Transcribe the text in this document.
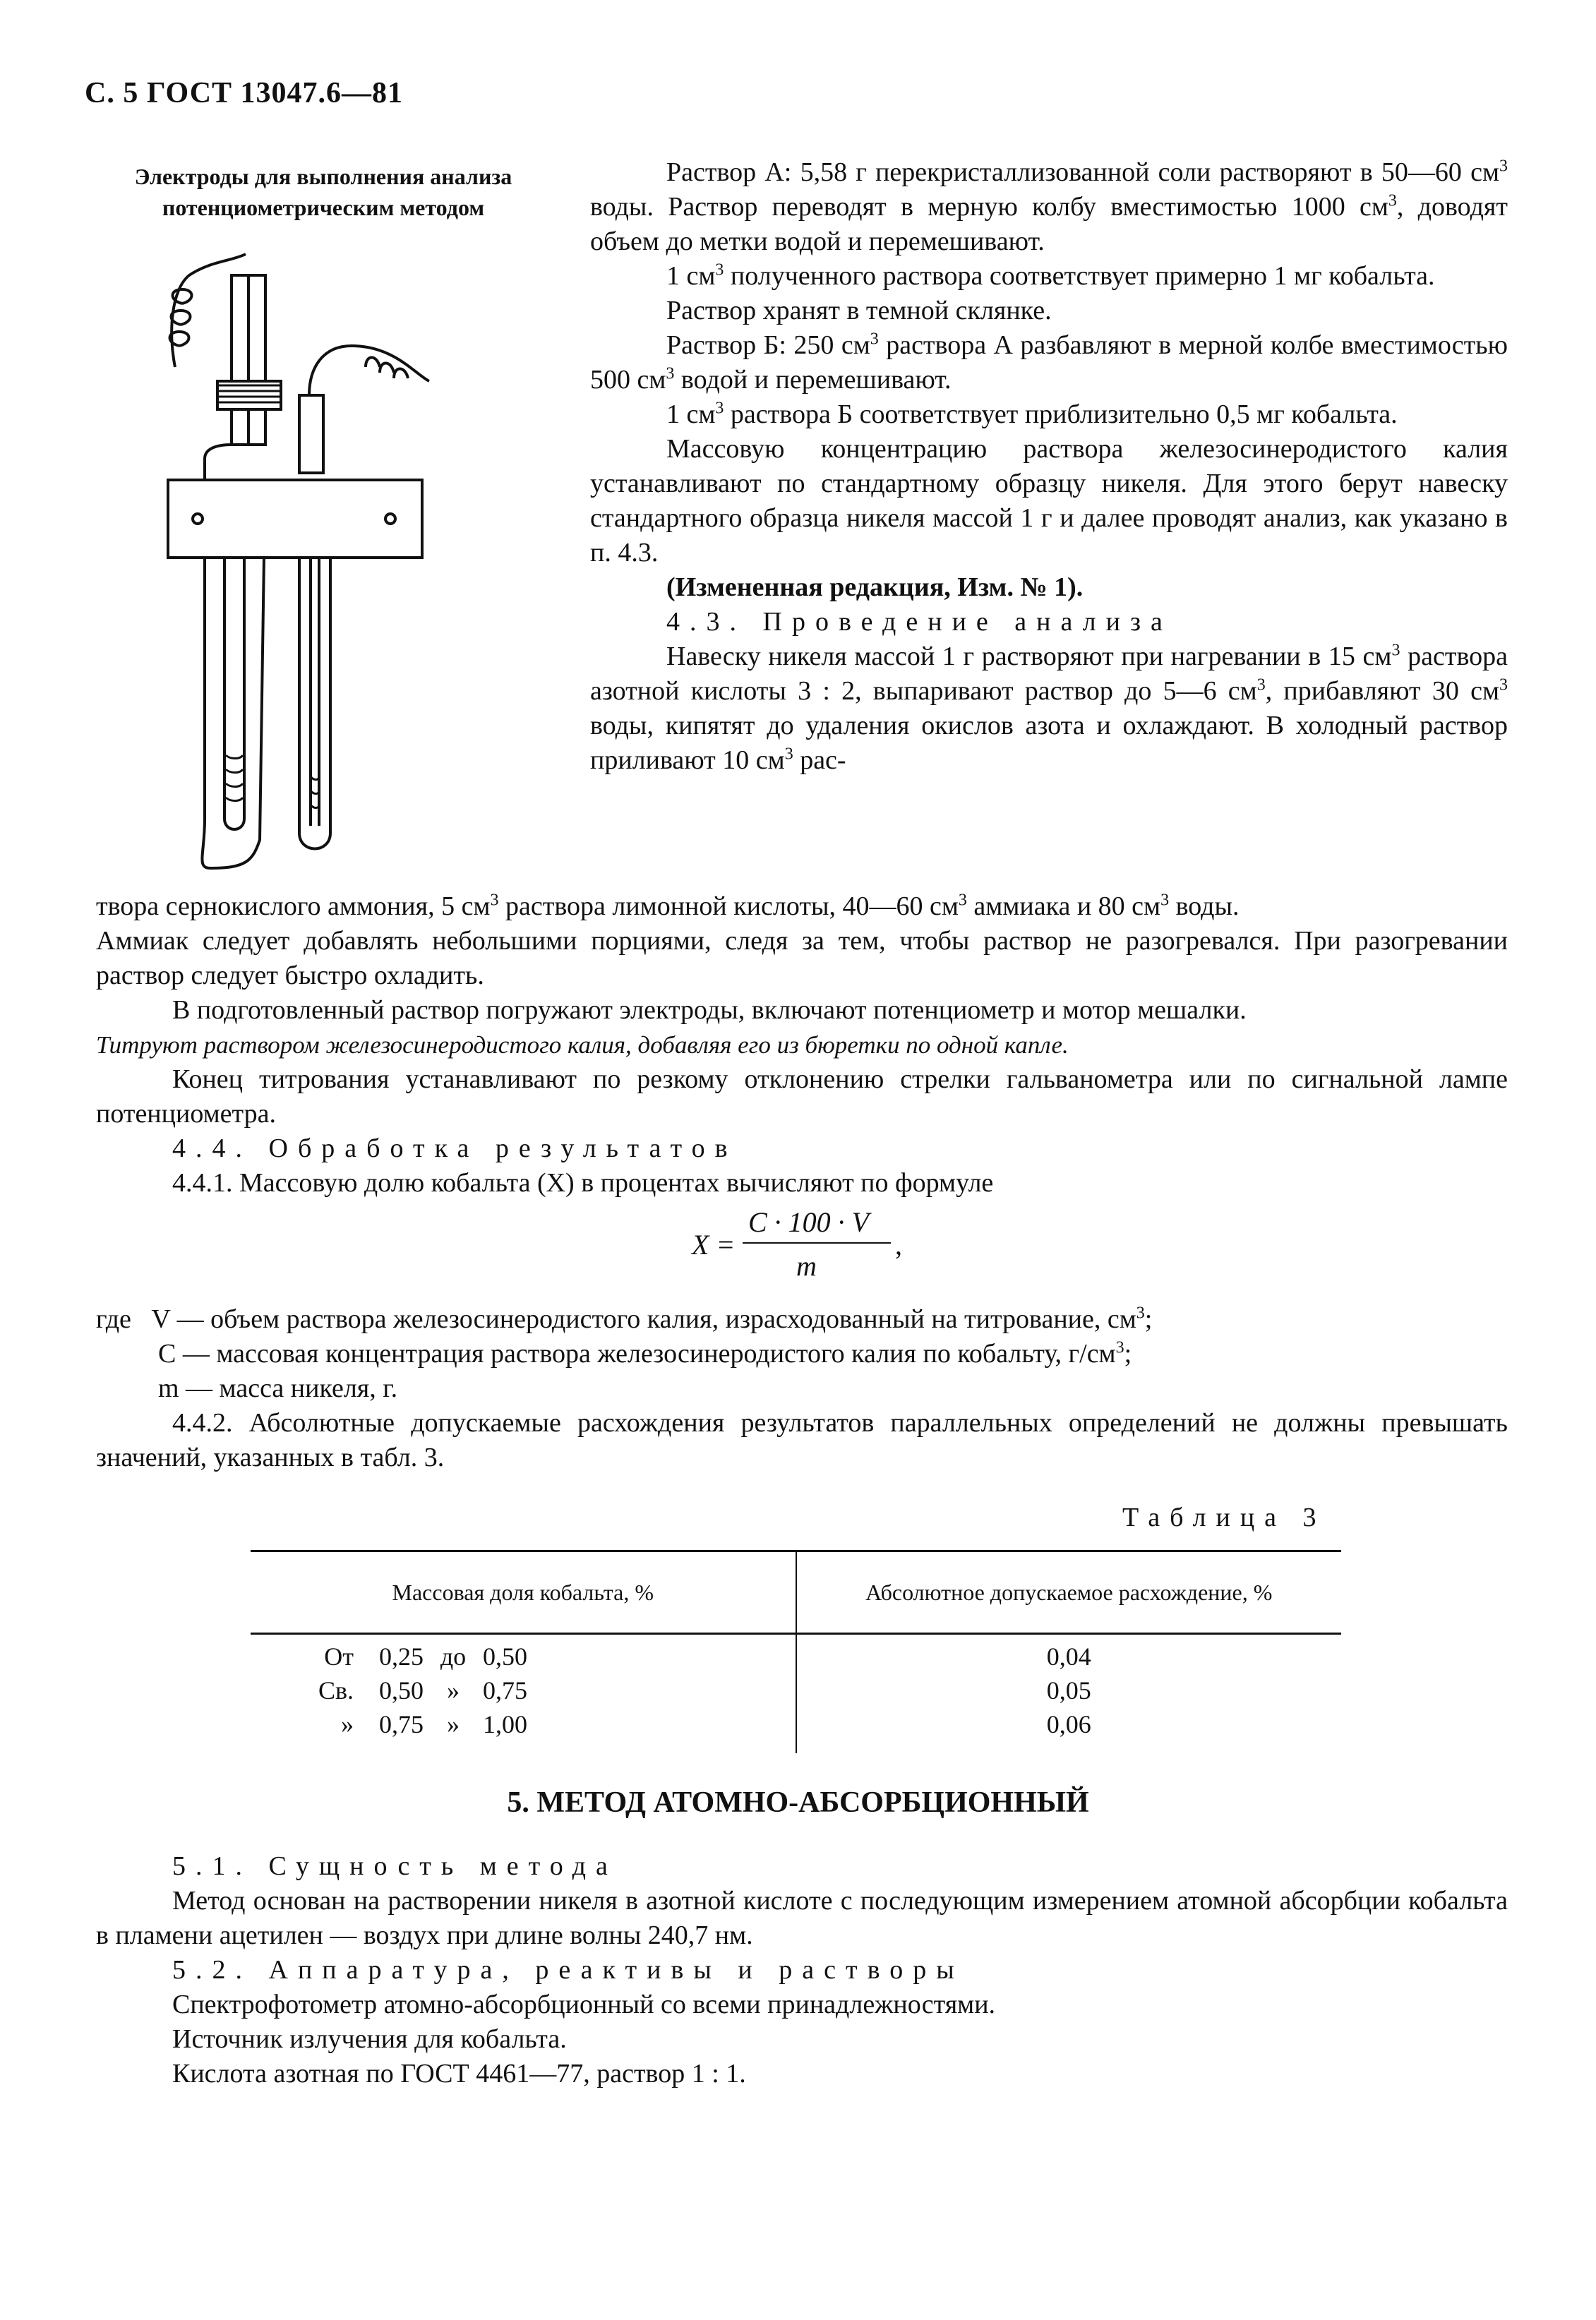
С. 5 ГОСТ 13047.6—81
Электроды для выполнения анализа
потенциометрическим методом

Раствор А: 5,58 г перекристаллизованной соли растворяют в 50—60 $см^3$ воды. Раствор переводят в мерную колбу вместимостью 1000 $см^3$, доводят объем до метки водой и перемешивают.

1 $см^3$ полученного раствора соответствует примерно 1 мг кобальта.

Раствор хранят в темной склянке.

Раствор Б: 250 $см^3$ раствора А разбавляют в мерной колбе вместимостью 500 $см^3$ водой и перемешивают.

1 $см^3$ раствора Б соответствует приблизительно 0,5 мг кобальта.

Массовую концентрацию раствора железосинеродистого калия устанавливают по стандартному образцу никеля. Для этого берут навеску стандартного образца никеля массой 1 г и далее проводят анализ, как указано в п. 4.3.

(Измененная редакция, Изм. № 1).

4.3. Проведение анализа

Навеску никеля массой 1 г растворяют при нагревании в 15 $см^3$ раствора азотной кислоты 3 : 2, выпаривают раствор до 5—6 $см^3$, прибавляют 30 $см^3$ воды, кипятят до удаления окислов азота и охлаждают. В холодный раствор приливают 10 $см^3$ рас-

твора сернокислого аммония, 5 $см^3$ раствора лимонной кислоты, 40—60 $см^3$ аммиака и 80 $см^3$ воды.

Аммиак следует добавлять небольшими порциями, следя за тем, чтобы раствор не разогревался. При разогревании раствор следует быстро охладить.

В подготовленный раствор погружают электроды, включают потенциометр и мотор мешалки.

Титруют раствором железосинеродистого калия, добавляя его из бюретки по одной капле.

Конец титрования устанавливают по резкому отклонению стрелки гальванометра или по сигнальной лампе потенциометра.

4.4. Обработка результатов

4.4.1. Массовую долю кобальта (X) в процентах вычисляют по формуле

X =
C · 100 · V
m
,

где V — объем раствора железосинеродистого калия, израсходованный на титрование, $см^3$;

C — массовая концентрация раствора железосинеродистого калия по кобальту, $г/см^3$;

m — масса никеля, г.

4.4.2. Абсолютные допускаемые расхождения результатов параллельных определений не должны превышать значений, указанных в табл. 3.

Таблица 3
Массовая доля кобальта, %	Абсолютное допускаемое расхождение, %
От 0,25 до 0,50	0,04
Св. 0,50 » 0,75	0,05
» 0,75 » 1,00	0,06
5. МЕТОД АТОМНО-АБСОРБЦИОННЫЙ

5.1. Сущность метода

Метод основан на растворении никеля в азотной кислоте с последующим измерением атомной абсорбции кобальта в пламени ацетилен — воздух при длине волны 240,7 нм.

5.2. Аппаратура, реактивы и растворы

Спектрофотометр атомно-абсорбционный со всеми принадлежностями.

Источник излучения для кобальта.

Кислота азотная по ГОСТ 4461—77, раствор 1 : 1.
